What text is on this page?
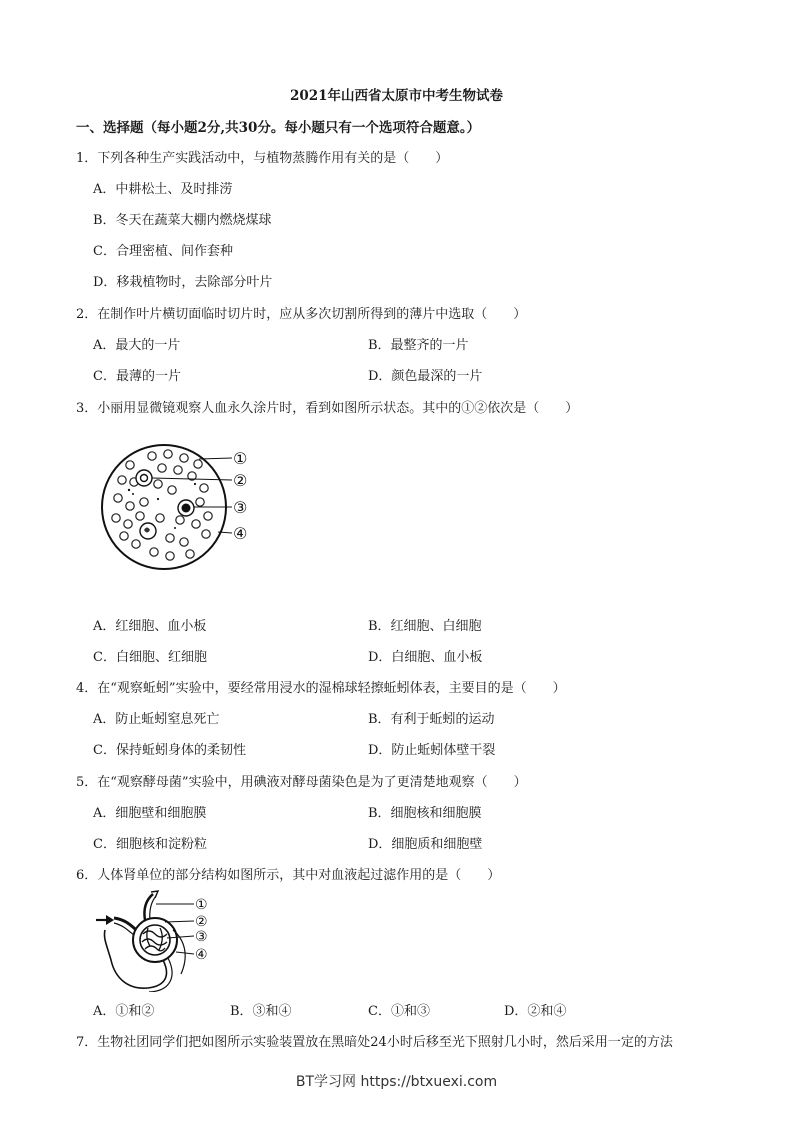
2021年山西省太原市中考生物试卷
一、选择题（每小题2分,共30分。每小题只有一个选项符合题意。）
1．下列各种生产实践活动中，与植物蒸腾作用有关的是（　　）
A．中耕松土、及时排涝
B．冬天在蔬菜大棚内燃烧煤球
C．合理密植、间作套种
D．移栽植物时，去除部分叶片
2．在制作叶片横切面临时切片时，应从多次切割所得到的薄片中选取（　　）
A．最大的一片	B．最整齐的一片
C．最薄的一片	D．颜色最深的一片
3．小丽用显微镜观察人血永久涂片时，看到如图所示状态。其中的①②依次是（　　）
①
②
③
④
A．红细胞、血小板	B．红细胞、白细胞
C．白细胞、红细胞	D．白细胞、血小板
4．在“观察蚯蚓”实验中，要经常用浸水的湿棉球轻擦蚯蚓体表，主要目的是（　　）
A．防止蚯蚓窒息死亡	B．有利于蚯蚓的运动
C．保持蚯蚓身体的柔韧性	D．防止蚯蚓体壁干裂
5．在“观察酵母菌”实验中，用碘液对酵母菌染色是为了更清楚地观察（　　）
A．细胞壁和细胞膜	B．细胞核和细胞膜
C．细胞核和淀粉粒	D．细胞质和细胞壁
6．人体肾单位的部分结构如图所示，其中对血液起过滤作用的是（　　）
①
②
③
④
A．①和②	B．③和④	C．①和③	D．②和④
7．生物社团同学们把如图所示实验装置放在黑暗处24小时后移至光下照射几小时，然后采用一定的方法
BT学习网 https://btxuexi.com
